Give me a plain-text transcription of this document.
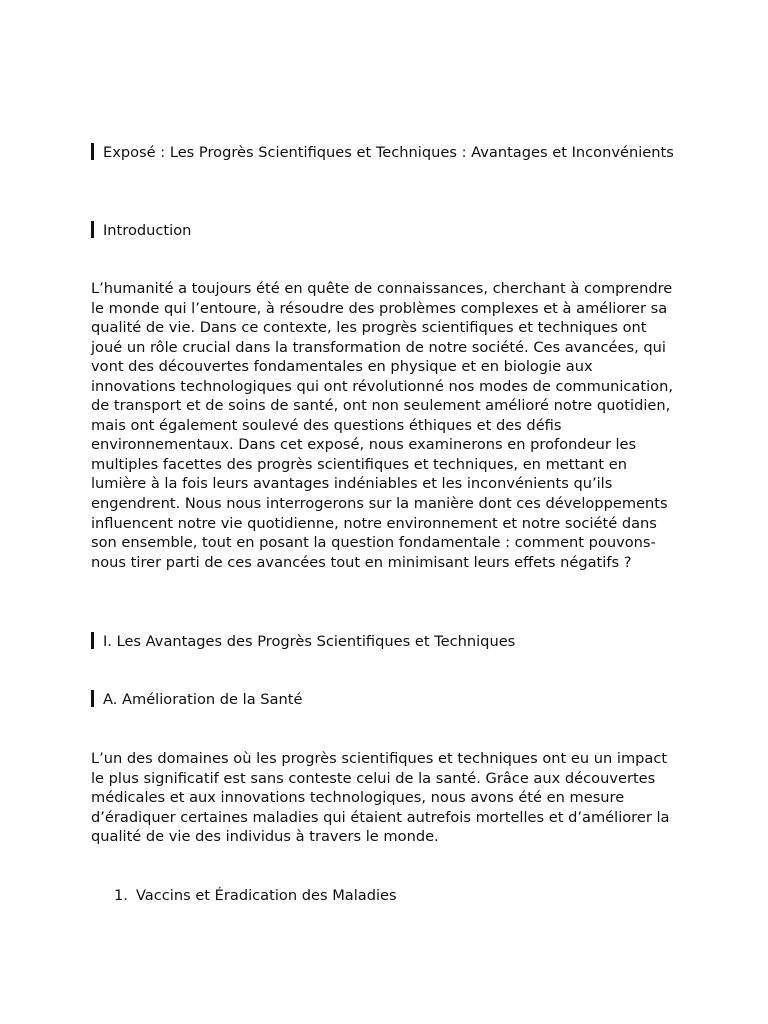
Exposé : Les Progrès Scientifiques et Techniques : Avantages et Inconvénients
Introduction

L’humanité a toujours été en quête de connaissances, cherchant à comprendre le monde qui l’entoure, à résoudre des problèmes complexes et à améliorer sa qualité de vie. Dans ce contexte, les progrès scientifiques et techniques ont joué un rôle crucial dans la transformation de notre société. Ces avancées, qui vont des découvertes fondamentales en physique et en biologie aux innovations technologiques qui ont révolutionné nos modes de communication, de transport et de soins de santé, ont non seulement amélioré notre quotidien, mais ont également soulevé des questions éthiques et des défis environnementaux. Dans cet exposé, nous examinerons en profondeur les multiples facettes des progrès scientifiques et techniques, en mettant en lumière à la fois leurs avantages indéniables et les inconvénients qu’ils engendrent. Nous nous interrogerons sur la manière dont ces développements influencent notre vie quotidienne, notre environnement et notre société dans son ensemble, tout en posant la question fondamentale : comment pouvons-nous tirer parti de ces avancées tout en minimisant leurs effets négatifs ?

I. Les Avantages des Progrès Scientifiques et Techniques
A. Amélioration de la Santé

L’un des domaines où les progrès scientifiques et techniques ont eu un impact le plus significatif est sans conteste celui de la santé. Grâce aux découvertes médicales et aux innovations technologiques, nous avons été en mesure d’éradiquer certaines maladies qui étaient autrefois mortelles et d’améliorer la qualité de vie des individus à travers le monde.

1. Vaccins et Éradication des Maladies
